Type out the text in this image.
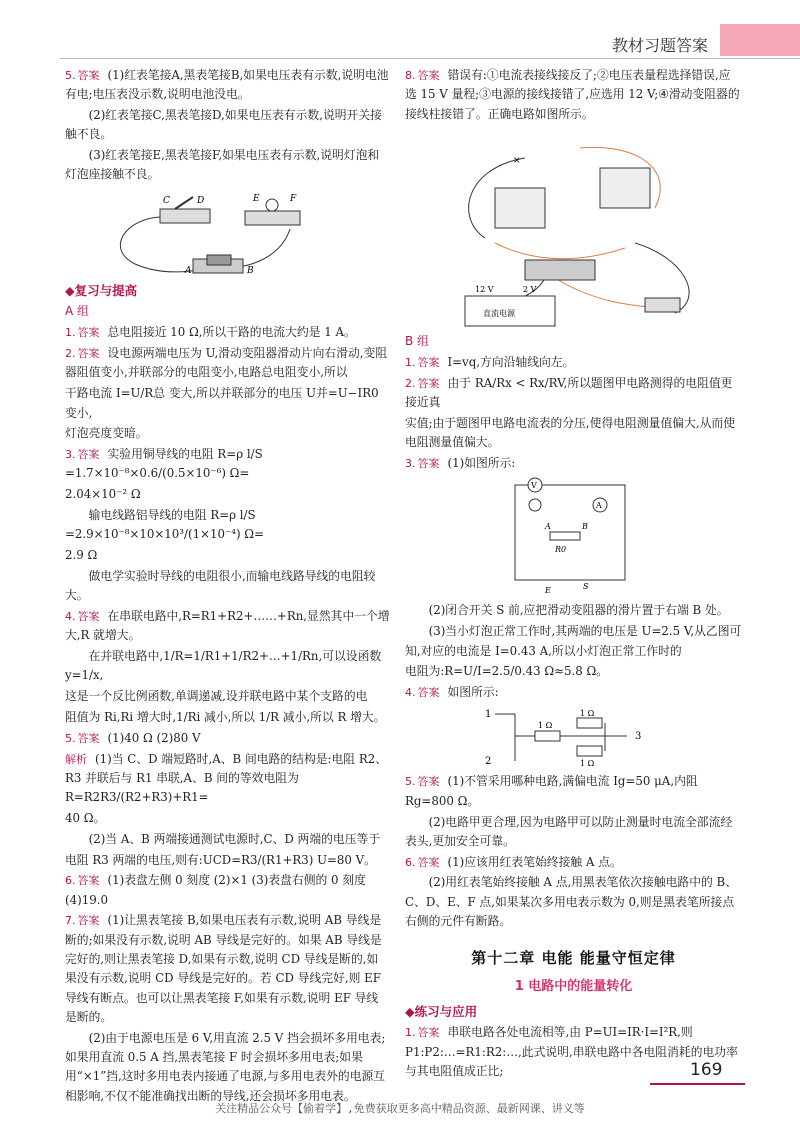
教材习题答案

5. 答案 (1)红表笔接A,黑表笔接B,如果电压表有示数,说明电池有电;电压表没示数,说明电池没电。

(2)红表笔接C,黑表笔接D,如果电压表有示数,说明开关接触不良。

(3)红表笔接E,黑表笔接F,如果电压表有示数,说明灯泡和灯泡座接触不良。

C	D	E	F
A	B
◆复习与提高
A 组

1. 答案 总电阻接近 10 Ω,所以干路的电流大约是 1 A。

2. 答案 设电源两端电压为 U,滑动变阻器滑动片向右滑动,变阻器阻值变小,并联部分的电阻变小,电路总电阻变小,所以

干路电流 I=U/R总 变大,所以并联部分的电压 U并=U−IR0 变小,

灯泡亮度变暗。

3. 答案 实验用铜导线的电阻 R=ρ l/S =1.7×10⁻⁸×0.6/(0.5×10⁻⁶) Ω=

2.04×10⁻² Ω

输电线路铝导线的电阻 R=ρ l/S =2.9×10⁻⁸×10×10³/(1×10⁻⁴) Ω=

2.9 Ω

做电学实验时导线的电阻很小,而输电线路导线的电阻较大。

4. 答案 在串联电路中,R=R1+R2+……+Rn,显然其中一个增大,R 就增大。

在并联电路中,1/R=1/R1+1/R2+…+1/Rn,可以设函数 y=1/x,

这是一个反比例函数,单调递减,设并联电路中某个支路的电

阻值为 Ri,Ri 增大时,1/Ri 减小,所以 1/R 减小,所以 R 增大。

5. 答案 (1)40 Ω (2)80 V

解析 (1)当 C、D 端短路时,A、B 间电路的结构是:电阻 R2、R3 并联后与 R1 串联,A、B 间的等效电阻为 R=R2R3/(R2+R3)+R1=

40 Ω。

(2)当 A、B 两端接通测试电源时,C、D 两端的电压等于

电阻 R3 两端的电压,则有:UCD=R3/(R1+R3) U=80 V。

6. 答案 (1)表盘左侧 0 刻度 (2)×1 (3)表盘右侧的 0 刻度 (4)19.0

7. 答案 (1)让黑表笔接 B,如果电压表有示数,说明 AB 导线是断的;如果没有示数,说明 AB 导线是完好的。如果 AB 导线是完好的,则让黑表笔接 D,如果有示数,说明 CD 导线是断的,如果没有示数,说明 CD 导线是完好的。若 CD 导线完好,则 EF 导线有断点。也可以让黑表笔接 F,如果有示数,说明 EF 导线是断的。

(2)由于电源电压是 6 V,用直流 2.5 V 挡会损坏多用电表;如果用直流 0.5 A 挡,黑表笔接 F 时会损坏多用电表;如果用“×1”挡,这时多用电表内接通了电源,与多用电表外的电源互相影响,不仅不能准确找出断的导线,还会损坏多用电表。

8. 答案 错误有:①电流表接线接反了;②电压表量程选择错误,应选 15 V 量程;③电源的接线接错了,应选用 12 V;④滑动变阻器的接线柱接错了。正确电路如图所示。

12 V	2 V
直流电源
×
B 组

1. 答案 I=vq,方向沿轴线向左。

2. 答案 由于 RA/Rx < Rx/RV,所以题图甲电路测得的电阻值更接近真

实值;由于题图甲电路电流表的分压,使得电阻测量值偏大,从而使电阻测量值偏大。

3. 答案 (1)如图所示:

V
A
A	B
R0
E	S

(2)闭合开关 S 前,应把滑动变阻器的滑片置于右端 B 处。

(3)当小灯泡正常工作时,其两端的电压是 U=2.5 V,从乙图可知,对应的电流是 I=0.43 A,所以小灯泡正常工作时的

电阻为:R=U/I=2.5/0.43 Ω≈5.8 Ω。

4. 答案 如图所示:

1
2
3
1 Ω
1 Ω
1 Ω

5. 答案 (1)不管采用哪种电路,满偏电流 Ig=50 μA,内阻 Rg=800 Ω。

(2)电路甲更合理,因为电路甲可以防止测量时电流全部流经表头,更加安全可靠。

6. 答案 (1)应该用红表笔始终接触 A 点。

(2)用红表笔始终接触 A 点,用黑表笔依次接触电路中的 B、C、D、E、F 点,如果某次多用电表示数为 0,则是黑表笔所接点右侧的元件有断路。

第十二章 电能 能量守恒定律
1 电路中的能量转化
◆练习与应用

1. 答案 串联电路各处电流相等,由 P=UI=IR·I=I²R,则 P1:P2:…=R1:R2:…,此式说明,串联电路中各电阻消耗的电功率与其电阻值成正比;	169
关注精品公众号【偷着学】,免费获取更多高中精品资源、最新网课、讲义等
